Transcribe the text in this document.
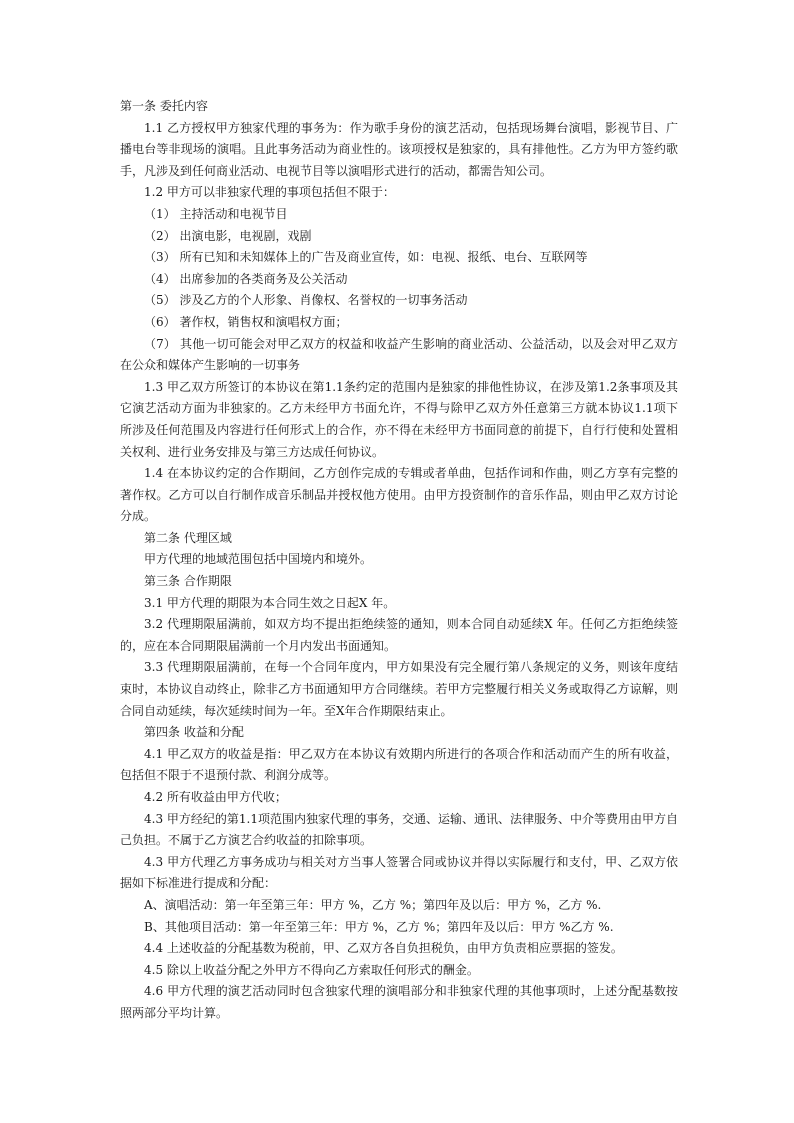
第一条 委托内容

1.1 乙方授权甲方独家代理的事务为：作为歌手身份的演艺活动，包括现场舞台演唱，影视节目、广播电台等非现场的演唱。且此事务活动为商业性的。该项授权是独家的，具有排他性。乙方为甲方签约歌手，凡涉及到任何商业活动、电视节目等以演唱形式进行的活动，都需告知公司。

1.2 甲方可以非独家代理的事项包括但不限于：

（1） 主持活动和电视节目

（2） 出演电影，电视剧，戏剧

（3） 所有已知和未知媒体上的广告及商业宣传，如：电视、报纸、电台、互联网等

（4） 出席参加的各类商务及公关活动

（5） 涉及乙方的个人形象、肖像权、名誉权的一切事务活动

（6） 著作权，销售权和演唱权方面；

（7） 其他一切可能会对甲乙双方的权益和收益产生影响的商业活动、公益活动，以及会对甲乙双方在公众和媒体产生影响的一切事务

1.3 甲乙双方所签订的本协议在第1.1条约定的范围内是独家的排他性协议，在涉及第1.2条事项及其它演艺活动方面为非独家的。乙方未经甲方书面允许，不得与除甲乙双方外任意第三方就本协议1.1项下所涉及任何范围及内容进行任何形式上的合作，亦不得在未经甲方书面同意的前提下，自行行使和处置相关权利、进行业务安排及与第三方达成任何协议。

1.4 在本协议约定的合作期间，乙方创作完成的专辑或者单曲，包括作词和作曲，则乙方享有完整的著作权。乙方可以自行制作成音乐制品并授权他方使用。由甲方投资制作的音乐作品，则由甲乙双方讨论分成。

第二条 代理区域

甲方代理的地域范围包括中国境内和境外。

第三条 合作期限

3.1 甲方代理的期限为本合同生效之日起X 年。

3.2 代理期限届满前，如双方均不提出拒绝续签的通知，则本合同自动延续X 年。任何乙方拒绝续签的，应在本合同期限届满前一个月内发出书面通知。

3.3 代理期限届满前，在每一个合同年度内，甲方如果没有完全履行第八条规定的义务，则该年度结束时，本协议自动终止，除非乙方书面通知甲方合同继续。若甲方完整履行相关义务或取得乙方谅解，则合同自动延续，每次延续时间为一年。至X年合作期限结束止。

第四条 收益和分配

4.1 甲乙双方的收益是指：甲乙双方在本协议有效期内所进行的各项合作和活动而产生的所有收益，包括但不限于不退预付款、利润分成等。

4.2 所有收益由甲方代收；

4.3 甲方经纪的第1.1项范围内独家代理的事务，交通、运输、通讯、法律服务、中介等费用由甲方自己负担。不属于乙方演艺合约收益的扣除事项。

4.3 甲方代理乙方事务成功与相关对方当事人签署合同或协议并得以实际履行和支付，甲、乙双方依据如下标准进行提成和分配：

A、演唱活动：第一年至第三年：甲方 %，乙方 %；第四年及以后：甲方 %，乙方 %.

B、其他项目活动：第一年至第三年：甲方 %，乙方 %；第四年及以后：甲方 %乙方 %.

4.4 上述收益的分配基数为税前，甲、乙双方各自负担税负，由甲方负责相应票据的签发。

4.5 除以上收益分配之外甲方不得向乙方索取任何形式的酬金。

4.6 甲方代理的演艺活动同时包含独家代理的演唱部分和非独家代理的其他事项时，上述分配基数按照两部分平均计算。
